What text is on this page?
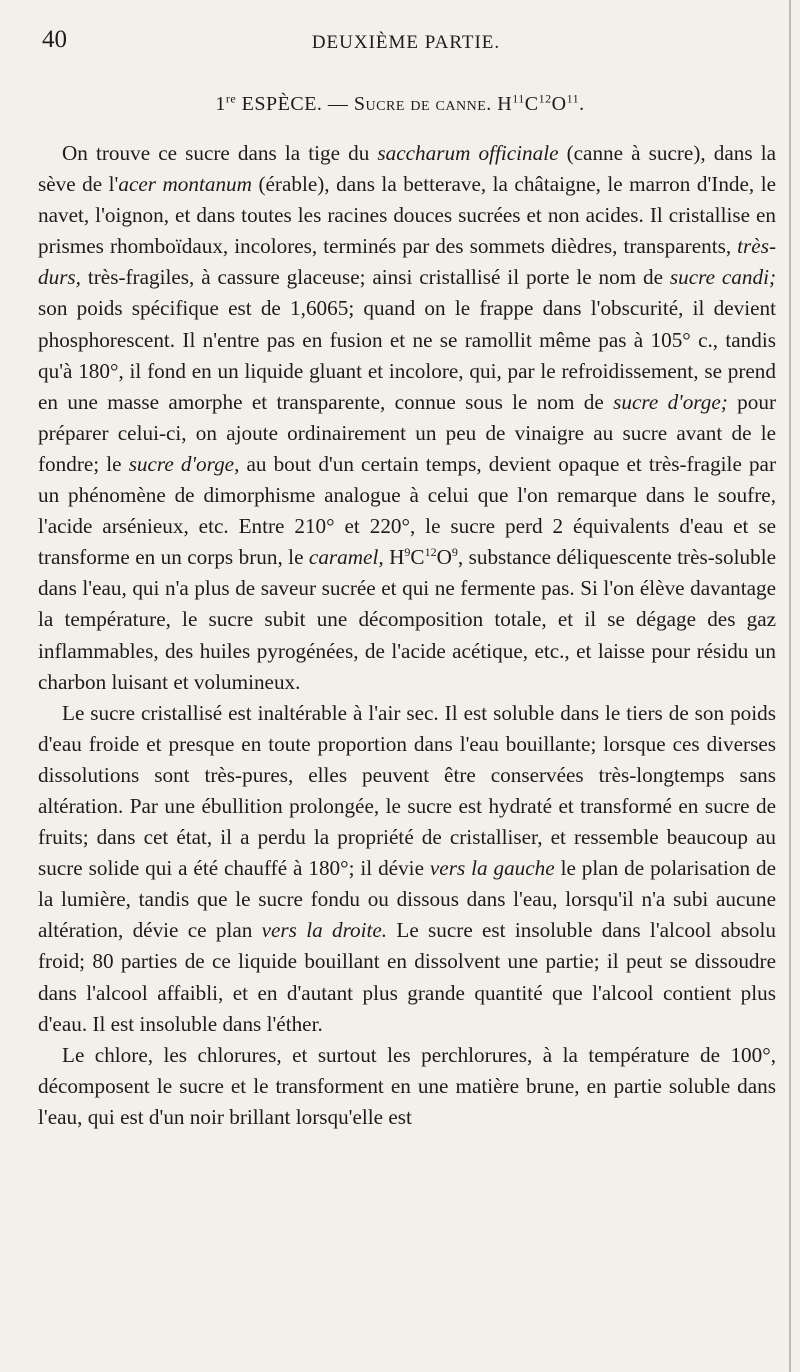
40	DEUXIÈME PARTIE.
1re ESPÈCE. — Sucre de canne. $H^{11}C^{12}O^{11}$.

On trouve ce sucre dans la tige du saccharum officinale (canne à sucre), dans la sève de l'acer montanum (érable), dans la betterave, la châtaigne, le marron d'Inde, le navet, l'oignon, et dans toutes les racines douces sucrées et non acides. Il cristallise en prismes rhomboïdaux, incolores, terminés par des sommets dièdres, transparents, très-durs, très-fragiles, à cassure glaceuse; ainsi cristallisé il porte le nom de sucre candi; son poids spécifique est de 1,6065; quand on le frappe dans l'obscurité, il devient phosphorescent. Il n'entre pas en fusion et ne se ramollit même pas à 105° c., tandis qu'à 180°, il fond en un liquide gluant et incolore, qui, par le refroidissement, se prend en une masse amorphe et transparente, connue sous le nom de sucre d'orge; pour préparer celui-ci, on ajoute ordinairement un peu de vinaigre au sucre avant de le fondre; le sucre d'orge, au bout d'un certain temps, devient opaque et très-fragile par un phénomène de dimorphisme analogue à celui que l'on remarque dans le soufre, l'acide arsénieux, etc. Entre 210° et 220°, le sucre perd 2 équivalents d'eau et se transforme en un corps brun, le caramel, $H^9C^{12}O^9$, substance déliquescente très-soluble dans l'eau, qui n'a plus de saveur sucrée et qui ne fermente pas. Si l'on élève davantage la température, le sucre subit une décomposition totale, et il se dégage des gaz inflammables, des huiles pyrogénées, de l'acide acétique, etc., et laisse pour résidu un charbon luisant et volumineux.

Le sucre cristallisé est inaltérable à l'air sec. Il est soluble dans le tiers de son poids d'eau froide et presque en toute proportion dans l'eau bouillante; lorsque ces diverses dissolutions sont très-pures, elles peuvent être conservées très-longtemps sans altération. Par une ébullition prolongée, le sucre est hydraté et transformé en sucre de fruits; dans cet état, il a perdu la propriété de cristalliser, et ressemble beaucoup au sucre solide qui a été chauffé à 180°; il dévie vers la gauche le plan de polarisation de la lumière, tandis que le sucre fondu ou dissous dans l'eau, lorsqu'il n'a subi aucune altération, dévie ce plan vers la droite. Le sucre est insoluble dans l'alcool absolu froid; 80 parties de ce liquide bouillant en dissolvent une partie; il peut se dissoudre dans l'alcool affaibli, et en d'autant plus grande quantité que l'alcool contient plus d'eau. Il est insoluble dans l'éther.

Le chlore, les chlorures, et surtout les perchlorures, à la température de 100°, décomposent le sucre et le transforment en une matière brune, en partie soluble dans l'eau, qui est d'un noir brillant lorsqu'elle est
